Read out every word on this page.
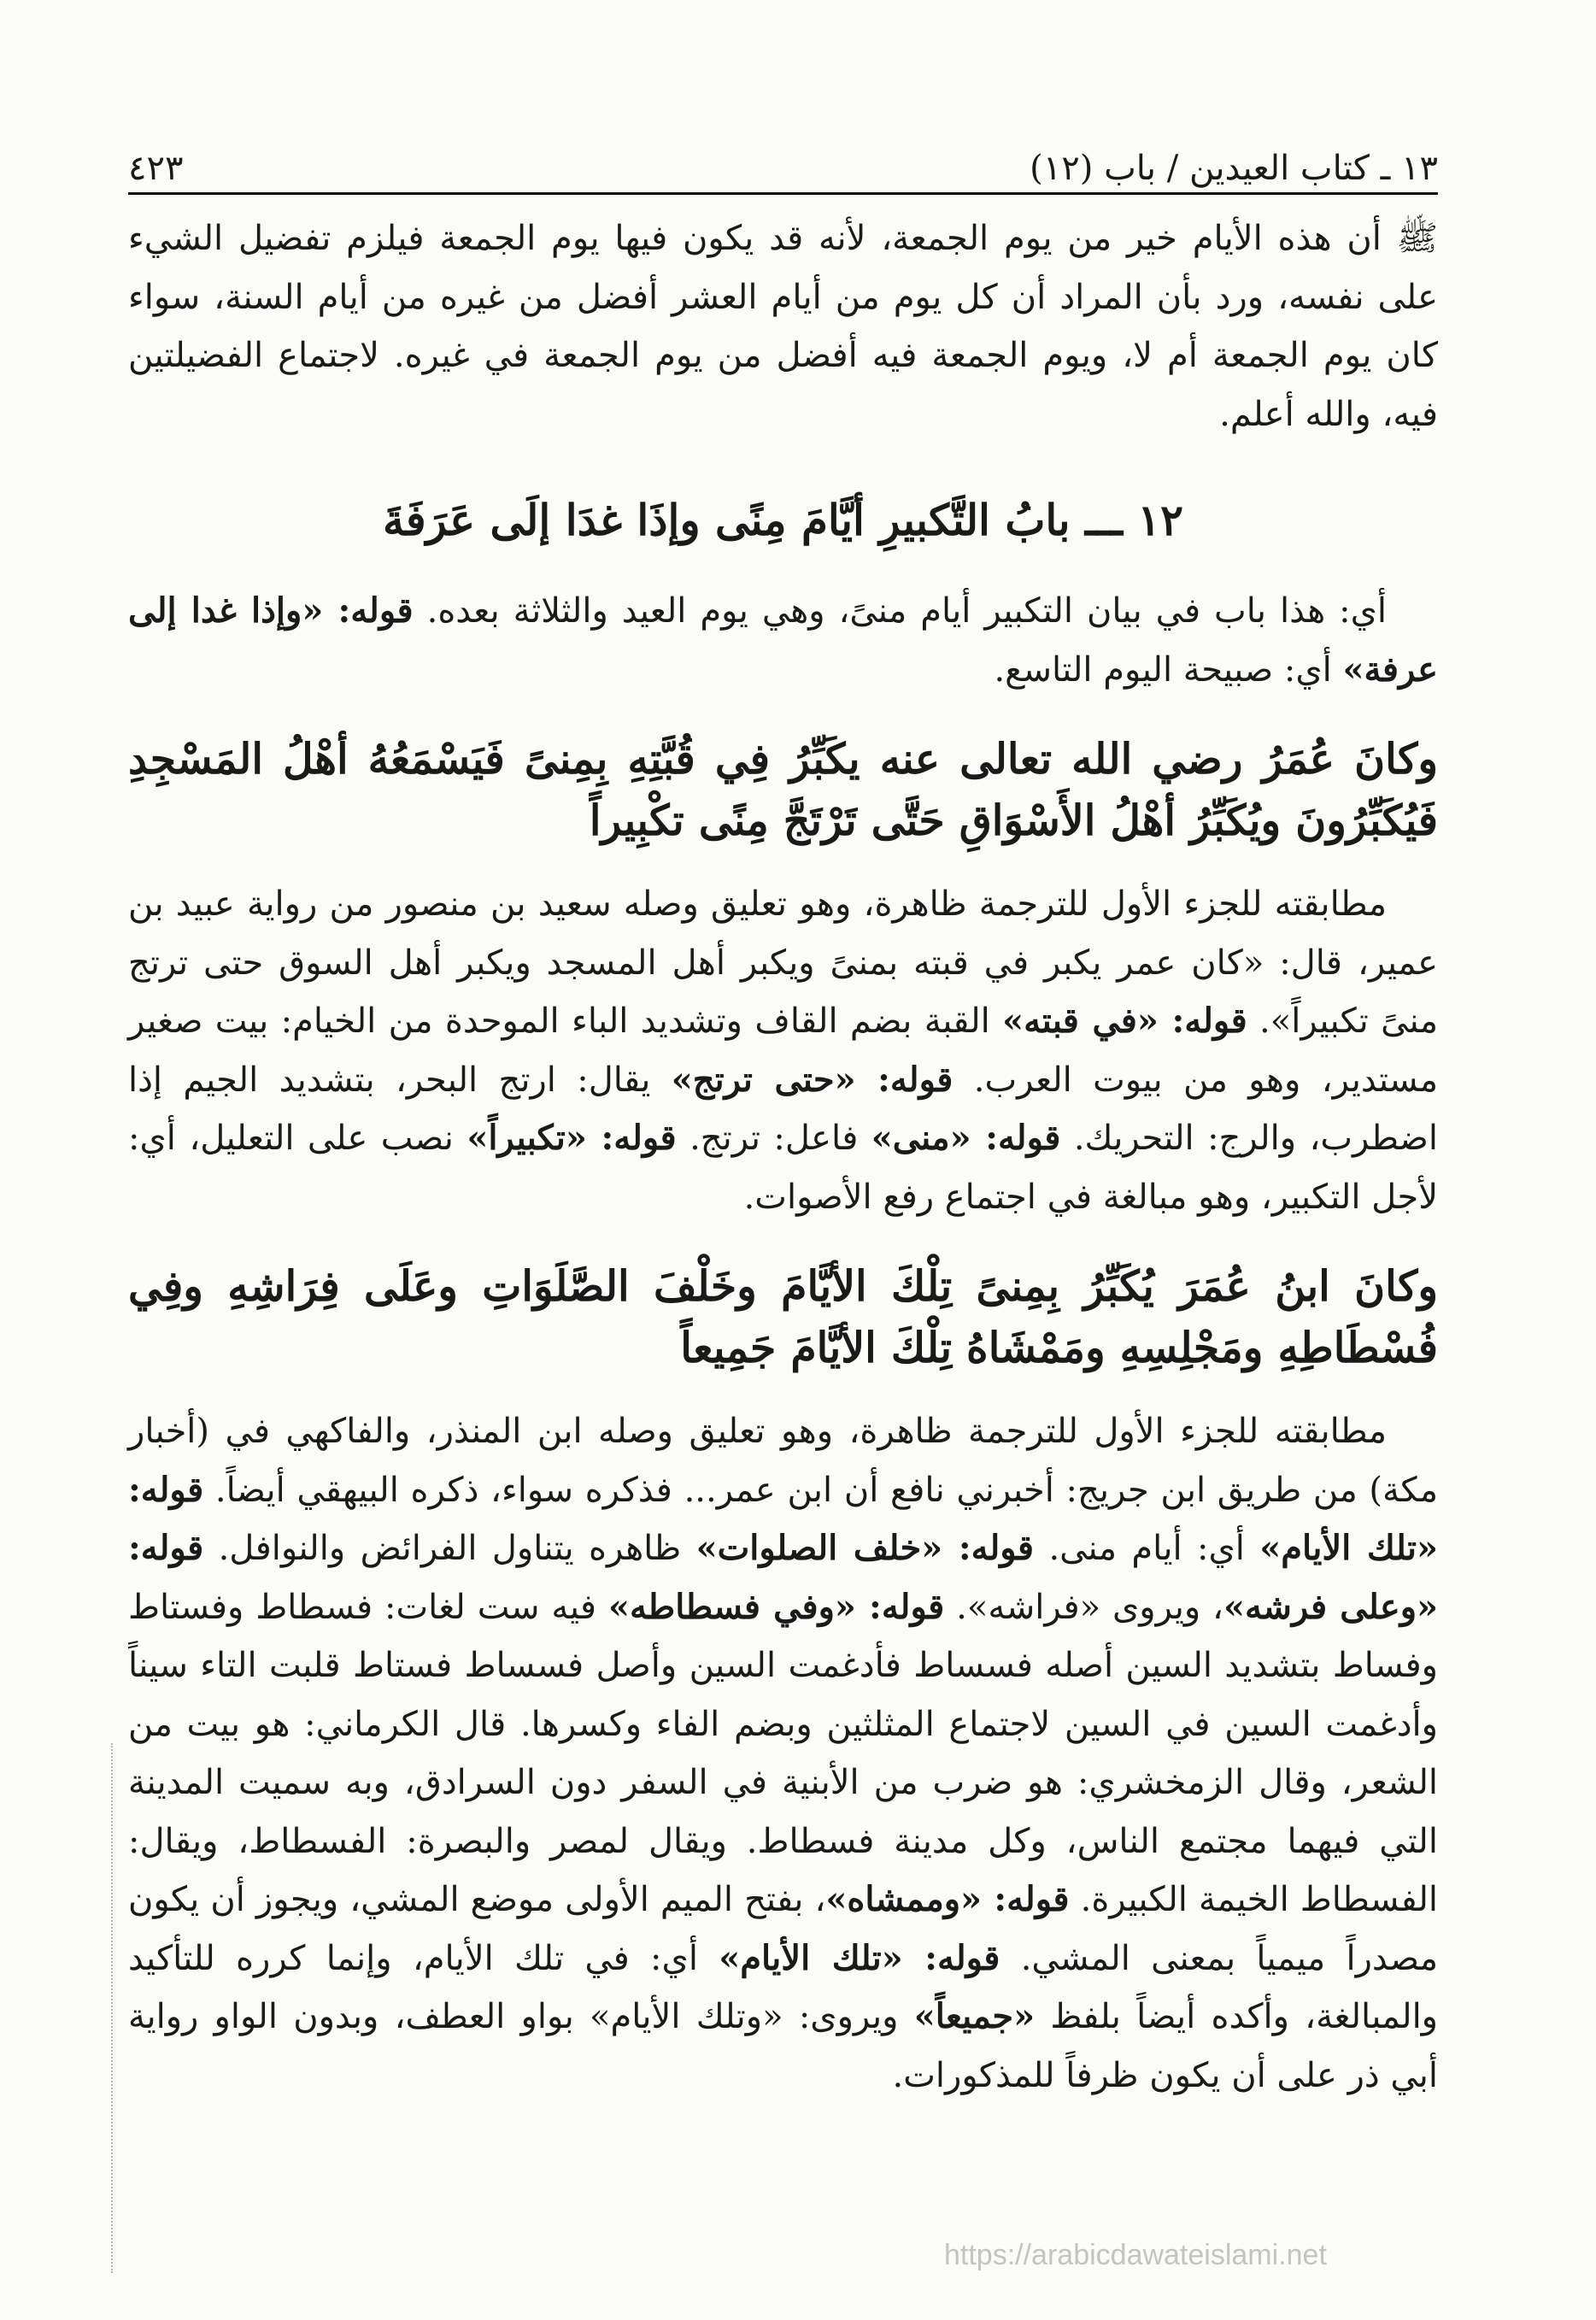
١٣ ـ كتاب العيدين / باب (١٢)
٤٢٣

ﷺ أن هذه الأيام خير من يوم الجمعة، لأنه قد يكون فيها يوم الجمعة فيلزم تفضيل الشيء على نفسه، ورد بأن المراد أن كل يوم من أيام العشر أفضل من غيره من أيام السنة، سواء كان يوم الجمعة أم لا، ويوم الجمعة فيه أفضل من يوم الجمعة في غيره. لاجتماع الفضيلتين فيه، والله أعلم.

١٢ ـــ بابُ التَّكبيرِ أيَّامَ مِنًى وإذَا غدَا إلَى عَرَفَةَ

أي: هذا باب في بيان التكبير أيام منىً، وهي يوم العيد والثلاثة بعده. قوله: «وإذا غدا إلى عرفة» أي: صبيحة اليوم التاسع.

وكانَ عُمَرُ رضي الله تعالى عنه يكَبِّرُ فِي قُبَّتِهِ بِمِنىً فَيَسْمَعُهُ أهْلُ المَسْجِدِ فَيُكَبِّرُونَ ويُكَبِّرُ أهْلُ الأَسْوَاقِ حَتَّى تَرْتَجَّ مِنًى تكْبِيراً

مطابقته للجزء الأول للترجمة ظاهرة، وهو تعليق وصله سعيد بن منصور من رواية عبيد بن عمير، قال: «كان عمر يكبر في قبته بمنىً ويكبر أهل المسجد ويكبر أهل السوق حتى ترتج منىً تكبيراً». قوله: «في قبته» القبة بضم القاف وتشديد الباء الموحدة من الخيام: بيت صغير مستدير، وهو من بيوت العرب. قوله: «حتى ترتج» يقال: ارتج البحر، بتشديد الجيم إذا اضطرب، والرج: التحريك. قوله: «منى» فاعل: ترتج. قوله: «تكبيراً» نصب على التعليل، أي: لأجل التكبير، وهو مبالغة في اجتماع رفع الأصوات.

وكانَ ابنُ عُمَرَ يُكَبِّرُ بِمِنىً تِلْكَ الأيَّامَ وخَلْفَ الصَّلَوَاتِ وعَلَى فِرَاشِهِ وفِي فُسْطَاطِهِ ومَجْلِسِهِ ومَمْشَاهُ تِلْكَ الأيَّامَ جَمِيعاً

مطابقته للجزء الأول للترجمة ظاهرة، وهو تعليق وصله ابن المنذر، والفاكهي في (أخبار مكة) من طريق ابن جريج: أخبرني نافع أن ابن عمر... فذكره سواء، ذكره البيهقي أيضاً. قوله: «تلك الأيام» أي: أيام منى. قوله: «خلف الصلوات» ظاهره يتناول الفرائض والنوافل. قوله: «وعلى فرشه»، ويروى «فراشه». قوله: «وفي فسطاطه» فيه ست لغات: فسطاط وفستاط وفساط بتشديد السين أصله فسساط فأدغمت السين وأصل فسساط فستاط قلبت التاء سيناً وأدغمت السين في السين لاجتماع المثلثين وبضم الفاء وكسرها. قال الكرماني: هو بيت من الشعر، وقال الزمخشري: هو ضرب من الأبنية في السفر دون السرادق، وبه سميت المدينة التي فيهما مجتمع الناس، وكل مدينة فسطاط. ويقال لمصر والبصرة: الفسطاط، ويقال: الفسطاط الخيمة الكبيرة. قوله: «وممشاه»، بفتح الميم الأولى موضع المشي، ويجوز أن يكون مصدراً ميمياً بمعنى المشي. قوله: «تلك الأيام» أي: في تلك الأيام، وإنما كرره للتأكيد والمبالغة، وأكده أيضاً بلفظ «جميعاً» ويروى: «وتلك الأيام» بواو العطف، وبدون الواو رواية أبي ذر على أن يكون ظرفاً للمذكورات.

https://arabicdawateislami.net
